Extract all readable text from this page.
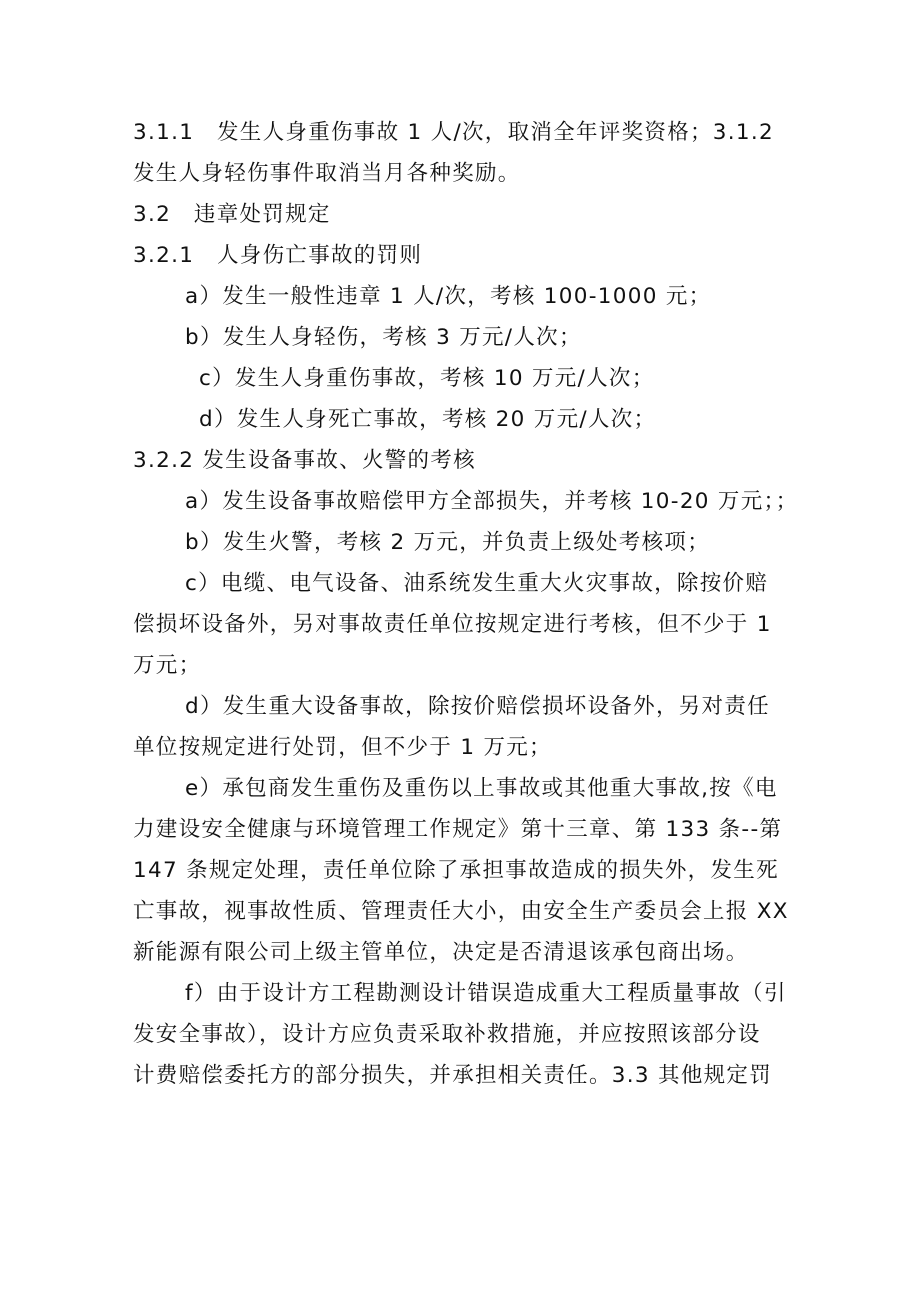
3.1.1　发生人身重伤事故 1 人/次，取消全年评奖资格；3.1.2
发生人身轻伤事件取消当月各种奖励。
3.2　违章处罚规定
3.2.1　人身伤亡事故的罚则
a）发生一般性违章 1 人/次，考核 100-1000 元；
b）发生人身轻伤，考核 3 万元/人次；
c）发生人身重伤事故，考核 10 万元/人次；
d）发生人身死亡事故，考核 20 万元/人次；
3.2.2 发生设备事故、火警的考核
a）发生设备事故赔偿甲方全部损失，并考核 10-20 万元；；
b）发生火警，考核 2 万元，并负责上级处考核项；
c）电缆、电气设备、油系统发生重大火灾事故，除按价赔
偿损坏设备外，另对事故责任单位按规定进行考核，但不少于 1
万元；
d）发生重大设备事故，除按价赔偿损坏设备外，另对责任
单位按规定进行处罚，但不少于 1 万元；
e）承包商发生重伤及重伤以上事故或其他重大事故,按《电
力建设安全健康与环境管理工作规定》第十三章、第 133 条--第
147 条规定处理，责任单位除了承担事故造成的损失外，发生死
亡事故，视事故性质、管理责任大小，由安全生产委员会上报 XX
新能源有限公司上级主管单位，决定是否清退该承包商出场。
f）由于设计方工程勘测设计错误造成重大工程质量事故（引
发安全事故），设计方应负责采取补救措施，并应按照该部分设
计费赔偿委托方的部分损失，并承担相关责任。3.3 其他规定罚
